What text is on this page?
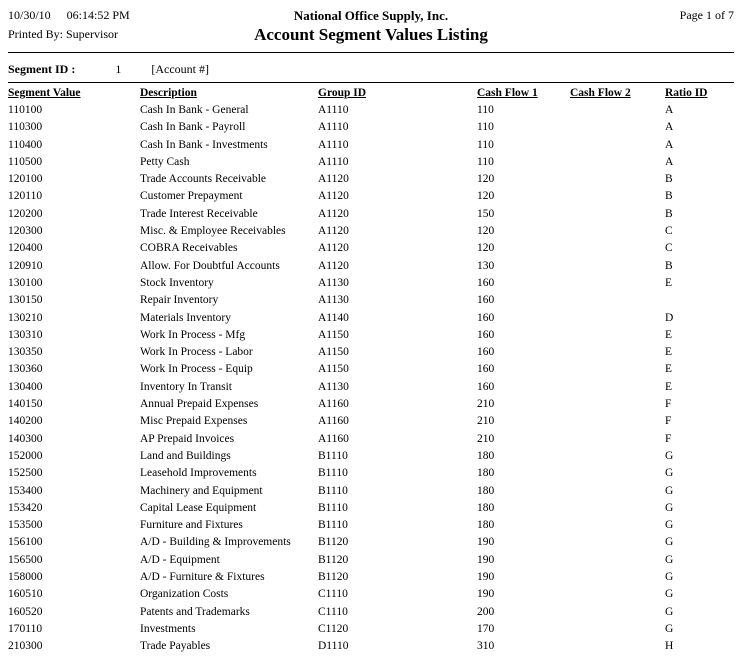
10/30/10 06:14:52 PM	National Office Supply, Inc.	Page 1 of 7
Printed By: Supervisor	Account Segment Values Listing
Segment ID :	1	[Account #]
Segment Value	Description	Group ID	Cash Flow 1	Cash Flow 2	Ratio ID
110100	Cash In Bank - General	A1110	110		A
110300	Cash In Bank - Payroll	A1110	110		A
110400	Cash In Bank - Investments	A1110	110		A
110500	Petty Cash	A1110	110		A
120100	Trade Accounts Receivable	A1120	120		B
120110	Customer Prepayment	A1120	120		B
120200	Trade Interest Receivable	A1120	150		B
120300	Misc. & Employee Receivables	A1120	120		C
120400	COBRA Receivables	A1120	120		C
120910	Allow. For Doubtful Accounts	A1120	130		B
130100	Stock Inventory	A1130	160		E
130150	Repair Inventory	A1130	160		
130210	Materials Inventory	A1140	160		D
130310	Work In Process - Mfg	A1150	160		E
130350	Work In Process - Labor	A1150	160		E
130360	Work In Process - Equip	A1150	160		E
130400	Inventory In Transit	A1130	160		E
140150	Annual Prepaid Expenses	A1160	210		F
140200	Misc Prepaid Expenses	A1160	210		F
140300	AP Prepaid Invoices	A1160	210		F
152000	Land and Buildings	B1110	180		G
152500	Leasehold Improvements	B1110	180		G
153400	Machinery and Equipment	B1110	180		G
153420	Capital Lease Equipment	B1110	180		G
153500	Furniture and Fixtures	B1110	180		G
156100	A/D - Building & Improvements	B1120	190		G
156500	A/D - Equipment	B1120	190		G
158000	A/D - Furniture & Fixtures	B1120	190		G
160510	Organization Costs	C1110	190		G
160520	Patents and Trademarks	C1110	200		G
170110	Investments	C1120	170		G
210300	Trade Payables	D1110	310		H
